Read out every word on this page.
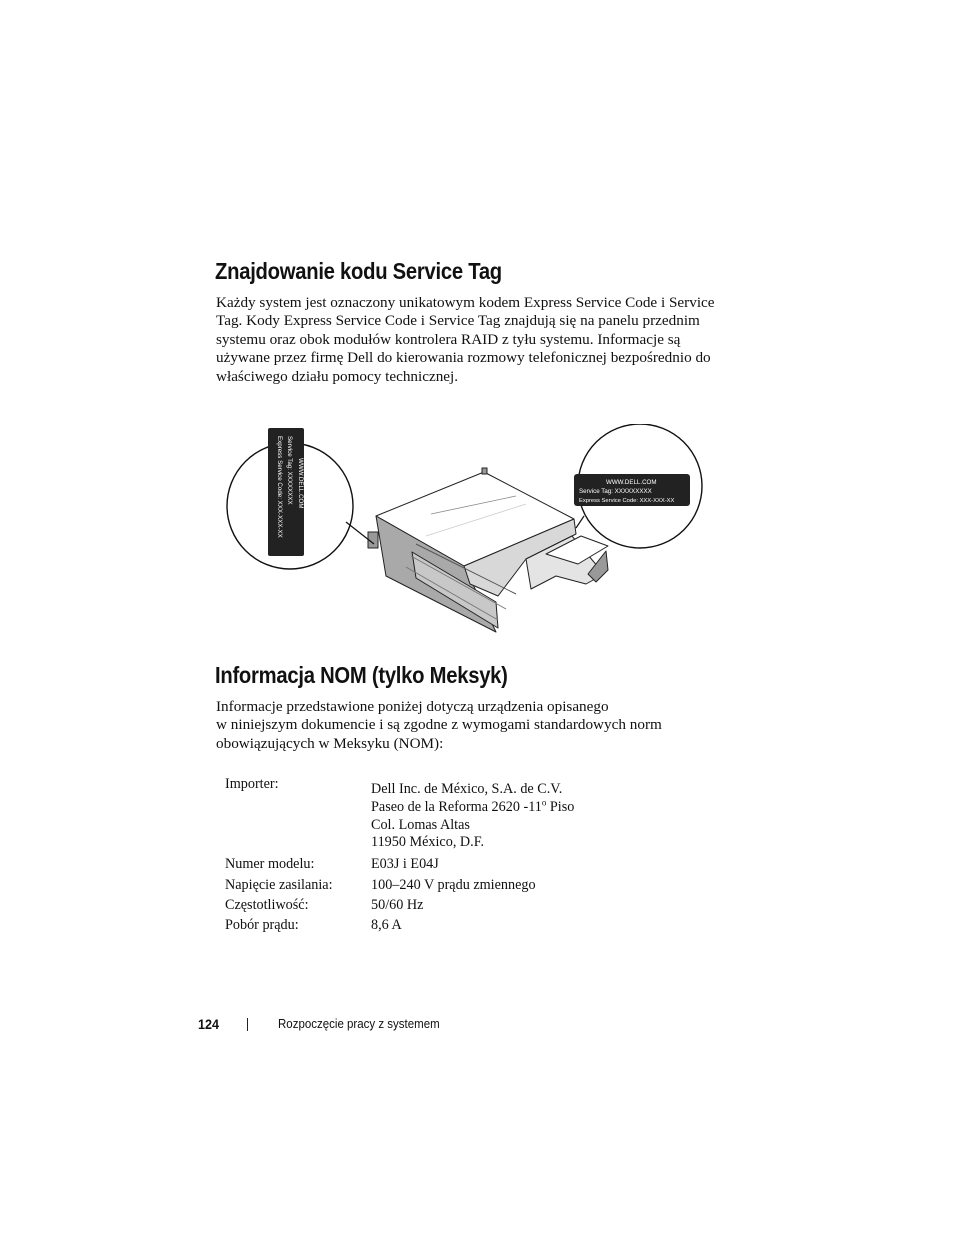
Znajdowanie kodu Service Tag

Każdy system jest oznaczony unikatowym kodem Express Service Code i Service
Tag. Kody Express Service Code i Service Tag znajdują się na panelu przednim
systemu oraz obok modułów kontrolera RAID z tyłu systemu. Informacje są
używane przez firmę Dell do kierowania rozmowy telefonicznej bezpośrednio do
właściwego działu pomocy technicznej.

Express Service Code: XXX-XXX-XX Service Tag: XXXXXXXX WWW.DELL.COM	WWW.DELL.COM
Service Tag: XXXXXXXXX
Express Service Code: XXX-XXX-XX
Informacja NOM (tylko Meksyk)

Informacje przedstawione poniżej dotyczą urządzenia opisanego
w niniejszym dokumencie i są zgodne z wymogami standardowych norm
obowiązujących w Meksyku (NOM):

Importer:	Dell Inc. de México, S.A. de C.V.
Paseo de la Reforma 2620 -11$^o$ Piso
Col. Lomas Altas
11950 México, D.F.
Numer modelu:	E03J i E04J
Napięcie zasilania:	100–240 V prądu zmiennego
Częstotliwość:	50/60 Hz
Pobór prądu:	8,6 A
124	Rozpoczęcie pracy z systemem
